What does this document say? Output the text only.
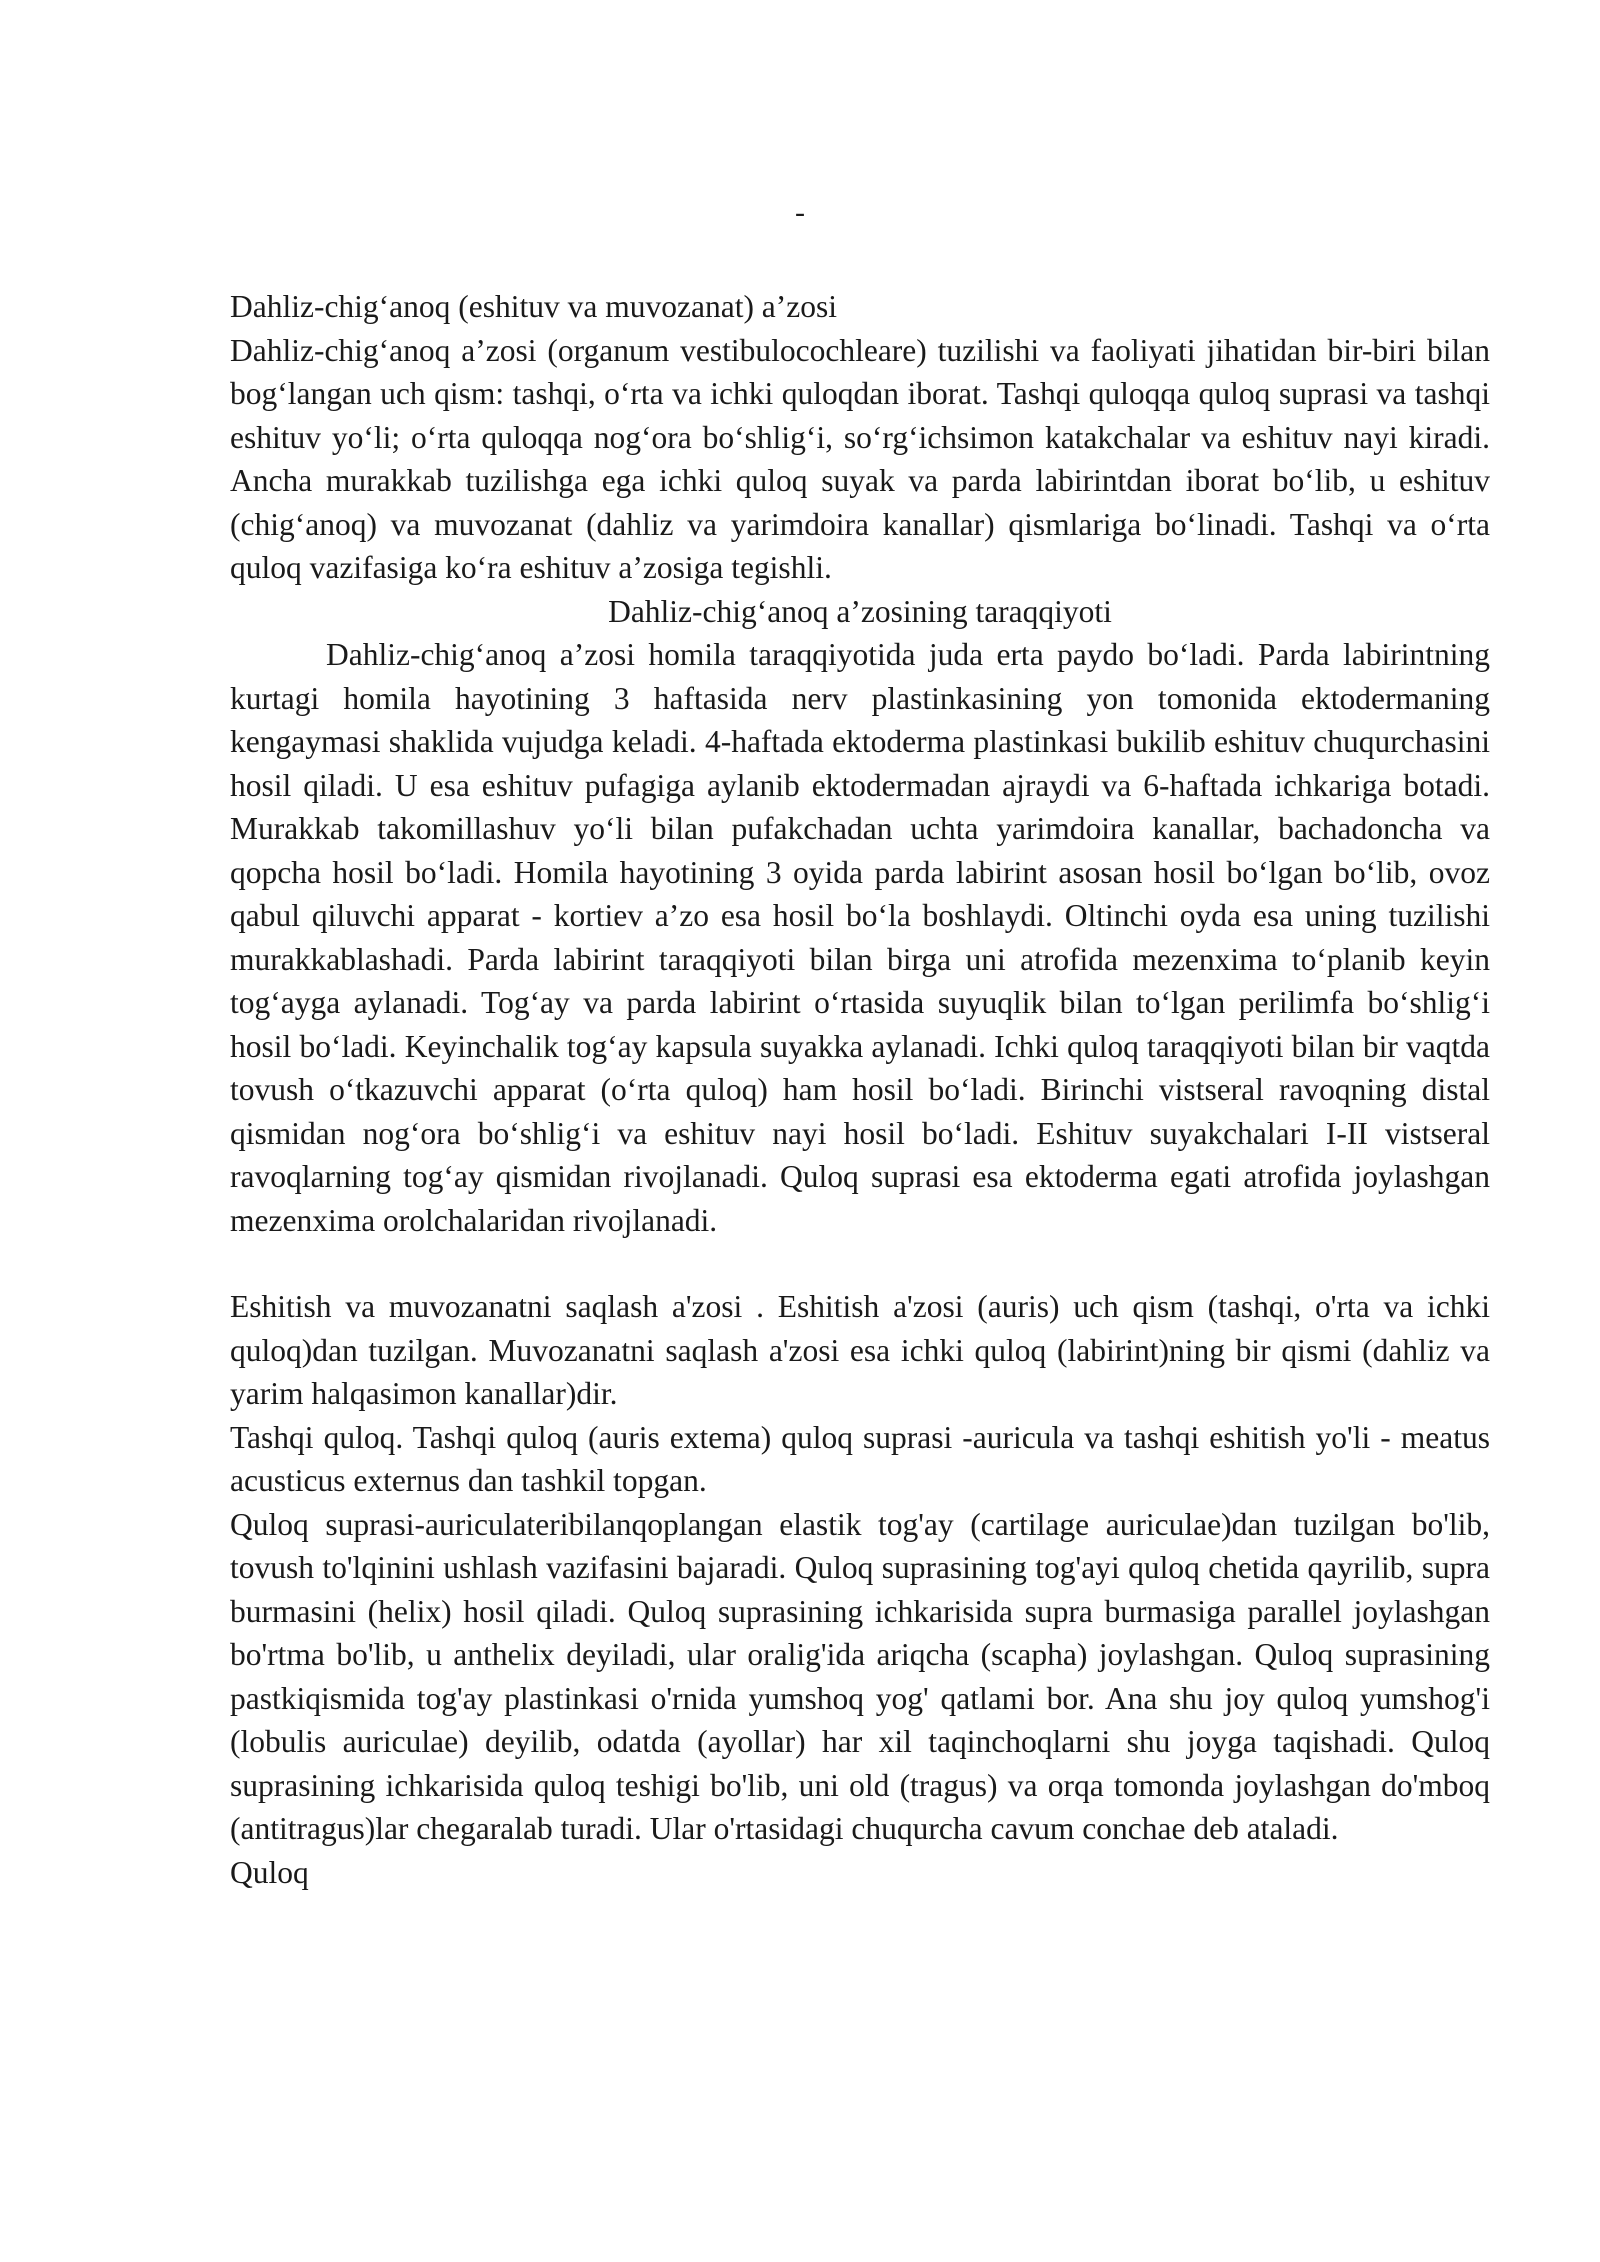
-

Dahliz-chig‘anoq (eshituv va muvozanat) a’zosi

Dahliz-chig‘anoq a’zosi (organum vestibulocochleare) tuzilishi va faoliyati jihatidan bir-biri bilan bog‘langan uch qism: tashqi, o‘rta va ichki quloqdan iborat. Tashqi quloqqa quloq suprasi va tashqi eshituv yo‘li; o‘rta quloqqa nog‘ora bo‘shlig‘i, so‘rg‘ichsimon katakchalar va eshituv nayi kiradi. Ancha murakkab tuzilishga ega ichki quloq suyak va parda labirintdan iborat bo‘lib, u eshituv (chig‘anoq) va muvozanat (dahliz va yarimdoira kanallar) qismlariga bo‘linadi. Tashqi va o‘rta quloq vazifasiga ko‘ra eshituv a’zosiga tegishli.

Dahliz-chig‘anoq a’zosining taraqqiyoti

Dahliz-chig‘anoq a’zosi homila taraqqiyotida juda erta paydo bo‘ladi. Parda labirintning kurtagi homila hayotining 3 haftasida nerv plastinkasining yon tomonida ektodermaning kengaymasi shaklida vujudga keladi. 4-haftada ektoderma plastinkasi bukilib eshituv chuqurchasini hosil qiladi. U esa eshituv pufagiga aylanib ektodermadan ajraydi va 6-haftada ichkariga botadi. Murakkab takomillashuv yo‘li bilan pufakchadan uchta yarimdoira kanallar, bachadoncha va qopcha hosil bo‘ladi. Homila hayotining 3 oyida parda labirint asosan hosil bo‘lgan bo‘lib, ovoz qabul qiluvchi apparat - kortiev a’zo esa hosil bo‘la boshlaydi. Oltinchi oyda esa uning tuzilishi murakkablashadi. Parda labirint taraqqiyoti bilan birga uni atrofida mezenxima to‘planib keyin tog‘ayga aylanadi. Tog‘ay va parda labirint o‘rtasida suyuqlik bilan to‘lgan perilimfa bo‘shlig‘i hosil bo‘ladi. Keyinchalik tog‘ay kapsula suyakka aylanadi. Ichki quloq taraqqiyoti bilan bir vaqtda tovush o‘tkazuvchi apparat (o‘rta quloq) ham hosil bo‘ladi. Birinchi vistseral ravoqning distal qismidan nog‘ora bo‘shlig‘i va eshituv nayi hosil bo‘ladi. Eshituv suyakchalari I-II vistseral ravoqlarning tog‘ay qismidan rivojlanadi. Quloq suprasi esa ektoderma egati atrofida joylashgan mezenxima orolchalaridan rivojlanadi.

Eshitish va muvozanatni saqlash a'zosi . Eshitish a'zosi (auris) uch qism (tashqi, o'rta va ichki quloq)dan tuzilgan. Muvozanatni saqlash a'zosi esa ichki quloq (labirint)ning bir qismi (dahliz va yarim halqasimon kanallar)dir.

Tashqi quloq. Tashqi quloq (auris extema) quloq suprasi -auricula va tashqi eshitish yo'li - meatus acusticus externus dan tashkil topgan.

Quloq suprasi-auriculateribilanqoplangan elastik tog'ay (cartilage auriculae)dan tuzilgan bo'lib, tovush to'lqinini ushlash vazifasini bajaradi. Quloq suprasining tog'ayi quloq chetida qayrilib, supra burmasini (helix) hosil qiladi. Quloq suprasining ichkarisida supra burmasiga parallel joylashgan bo'rtma bo'lib, u anthelix deyiladi, ular oralig'ida ariqcha (scapha) joylashgan. Quloq suprasining pastkiqismida tog'ay plastinkasi o'rnida yumshoq yog' qatlami bor. Ana shu joy quloq yumshog'i (lobulis auriculae) deyilib, odatda (ayollar) har xil taqinchoqlarni shu joyga taqishadi. Quloq suprasining ichkarisida quloq teshigi bo'lib, uni old (tragus) va orqa tomonda joylashgan do'mboq (antitragus)lar chegaralab turadi. Ular o'rtasidagi chuqurcha cavum conchae deb ataladi.

Quloq
